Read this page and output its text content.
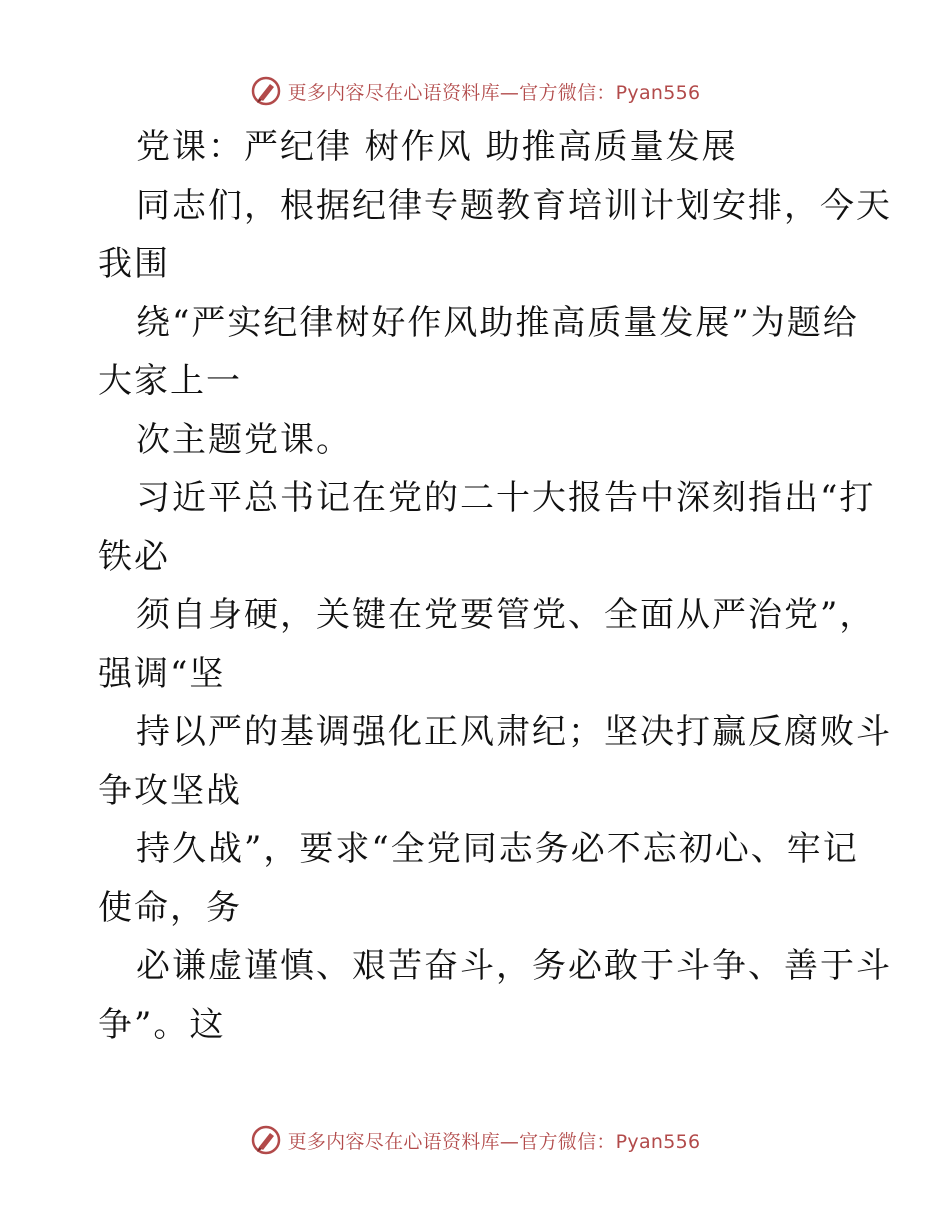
更多内容尽在心语资料库—官方微信：Pyan556
党课：严纪律 树作风 助推高质量发展
同志们，根据纪律专题教育培训计划安排，今天
我围
绕“严实纪律树好作风助推高质量发展”为题给
大家上一
次主题党课。
习近平总书记在党的二十大报告中深刻指出“打
铁必
须自身硬，关键在党要管党、全面从严治党”，
强调“坚
持以严的基调强化正风肃纪；坚决打赢反腐败斗
争攻坚战
持久战”，要求“全党同志务必不忘初心、牢记
使命，务
必谦虚谨慎、艰苦奋斗，务必敢于斗争、善于斗
争”。这
更多内容尽在心语资料库—官方微信：Pyan556
